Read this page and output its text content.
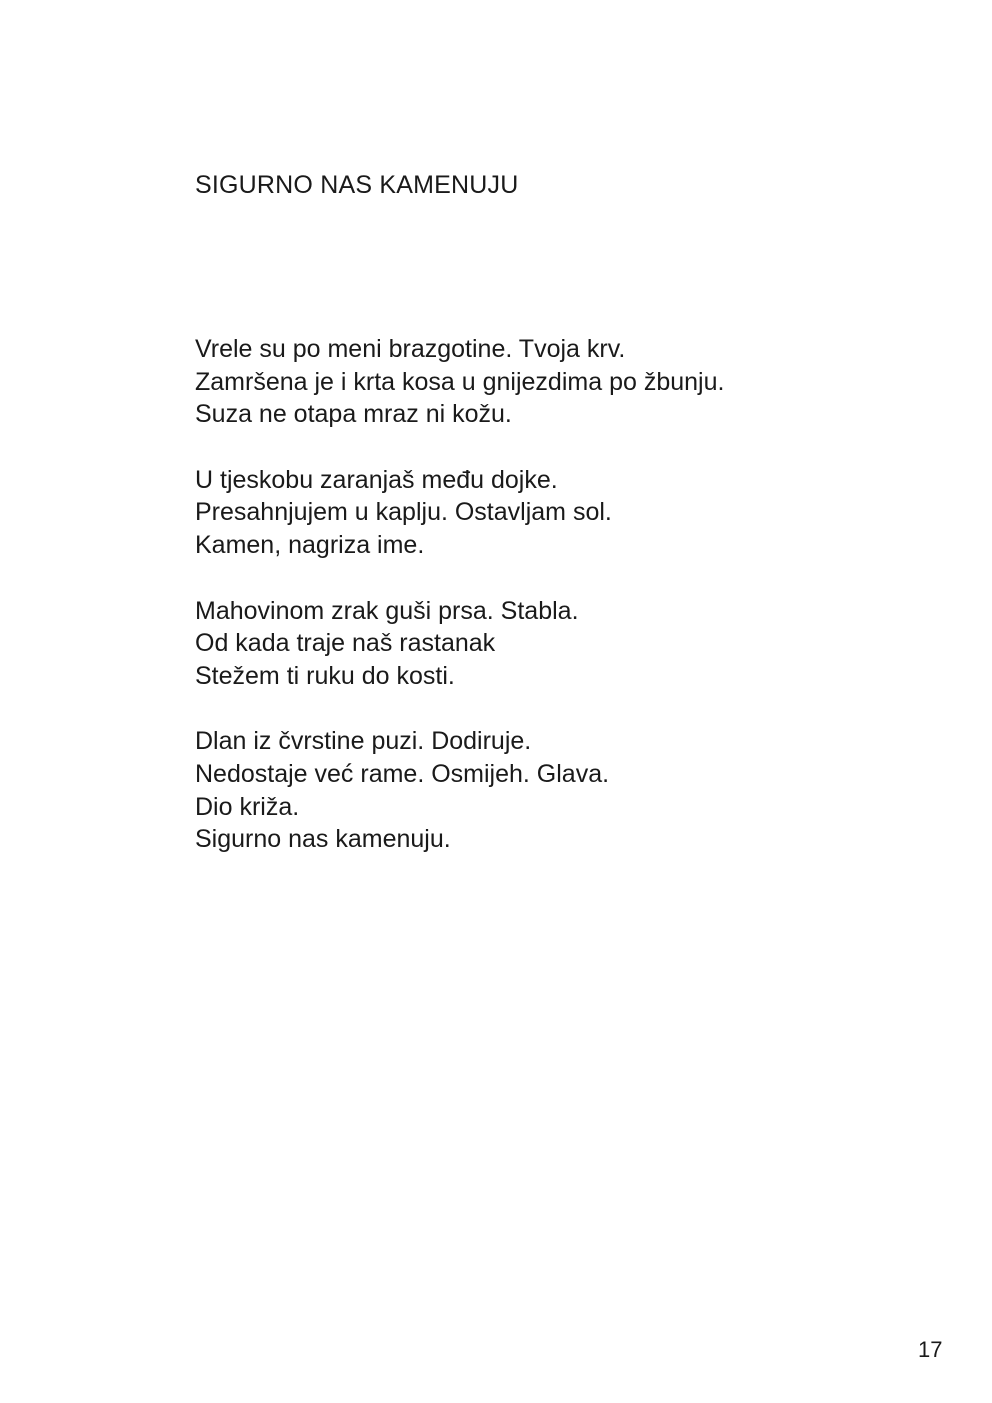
SIGURNO NAS KAMENUJU
Vrele su po meni brazgotine. Tvoja krv.
Zamršena je i krta kosa u gnijezdima po žbunju.
Suza ne otapa mraz ni kožu.
U tjeskobu zaranjaš među dojke.
Presahnjujem u kaplju. Ostavljam sol.
Kamen, nagriza ime.
Mahovinom zrak guši prsa. Stabla.
Od kada traje naš rastanak
Stežem ti ruku do kosti.
Dlan iz čvrstine puzi. Dodiruje.
Nedostaje već rame. Osmijeh. Glava.
Dio križa.
Sigurno nas kamenuju.
17
